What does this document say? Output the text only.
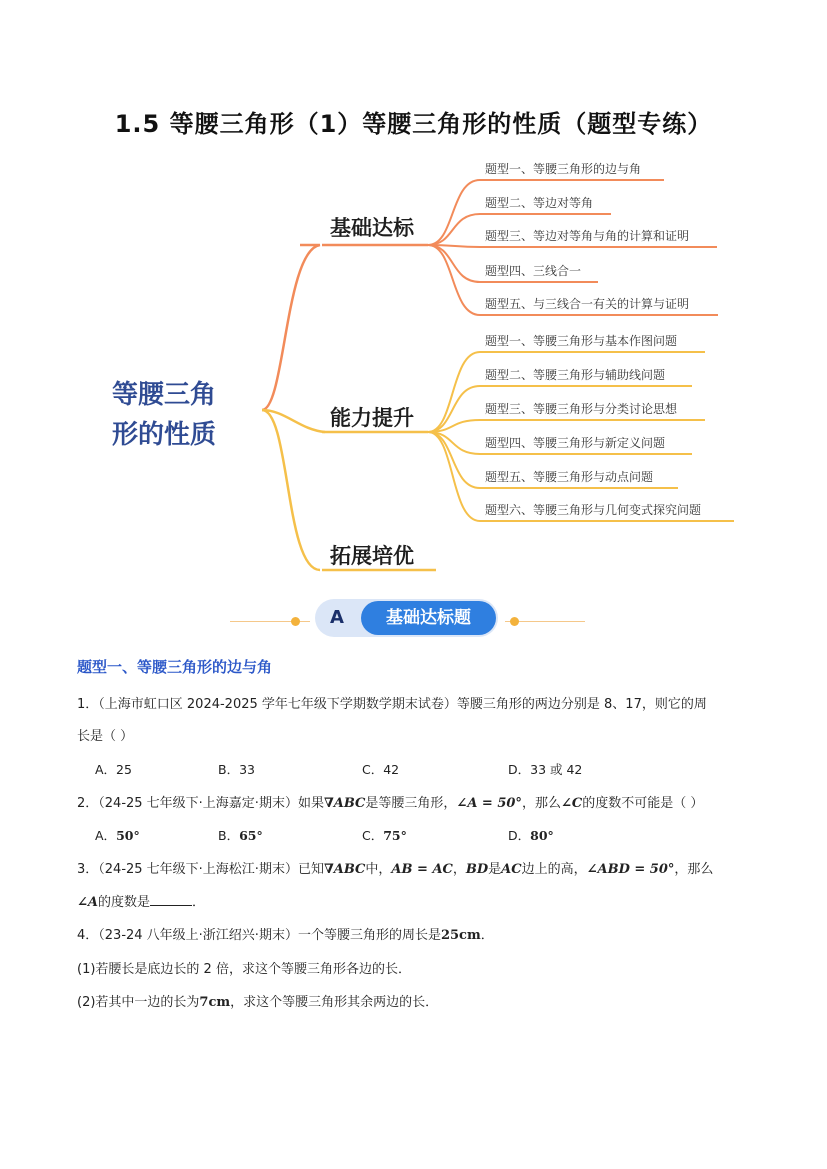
1.5 等腰三角形（1）等腰三角形的性质（题型专练）
等腰三角
形的性质
基础达标
能力提升
拓展培优
题型一、等腰三角形的边与角
题型二、等边对等角
题型三、等边对等角与角的计算和证明
题型四、三线合一
题型五、与三线合一有关的计算与证明
题型一、等腰三角形与基本作图问题
题型二、等腰三角形与辅助线问题
题型三、等腰三角形与分类讨论思想
题型四、等腰三角形与新定义问题
题型五、等腰三角形与动点问题
题型六、等腰三角形与几何变式探究问题
A	基础达标题
题型一、等腰三角形的边与角
1．（上海市虹口区 2024-2025 学年七年级下学期数学期末试卷）等腰三角形的两边分别是 8、17，则它的周
长是（ ）
A．25	B．33	C．42	D．33 或 42
2．（24-25 七年级下·上海嘉定·期末）如果∇ABC是等腰三角形，∠A = 50°，那么∠C的度数不可能是（ ）
A．50°	B．65°	C．75°	D．80°
3．（24-25 七年级下·上海松江·期末）已知∇ABC中，AB = AC，BD是AC边上的高，∠ABD = 50°，那么
∠A的度数是	．
4．（23-24 八年级上·浙江绍兴·期末）一个等腰三角形的周长是25cm．
(1)若腰长是底边长的 2 倍，求这个等腰三角形各边的长．
(2)若其中一边的长为7cm，求这个等腰三角形其余两边的长．
